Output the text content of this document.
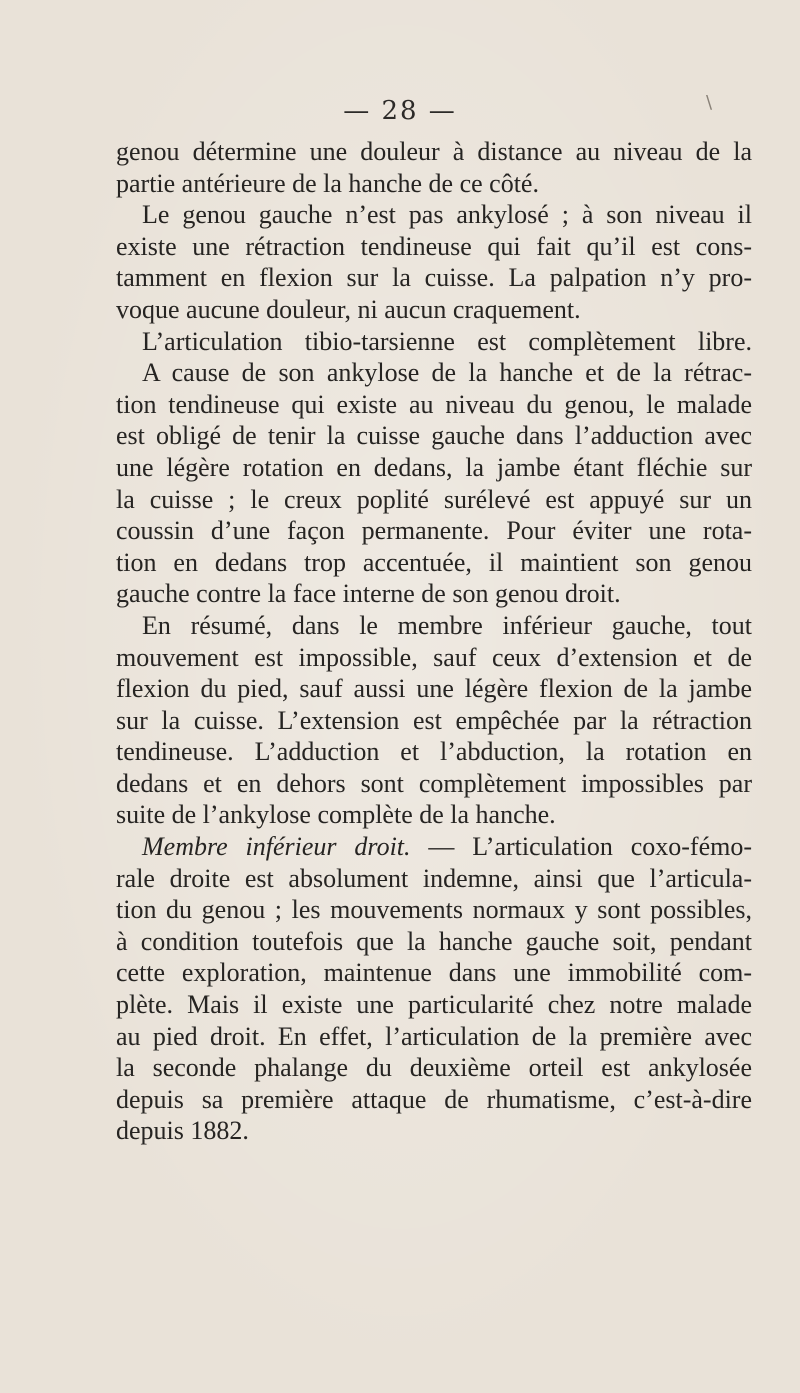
— 28 —	\
genou détermine une douleur à distance au niveau de la
partie antérieure de la hanche de ce côté.
Le genou gauche n’est pas ankylosé ; à son niveau il
existe une rétraction tendineuse qui fait qu’il est cons-
tamment en flexion sur la cuisse. La palpation n’y pro-
voque aucune douleur, ni aucun craquement.
L’articulation tibio-tarsienne est complètement libre.
A cause de son ankylose de la hanche et de la rétrac-
tion tendineuse qui existe au niveau du genou, le malade
est obligé de tenir la cuisse gauche dans l’adduction avec
une légère rotation en dedans, la jambe étant fléchie sur
la cuisse ; le creux poplité surélevé est appuyé sur un
coussin d’une façon permanente. Pour éviter une rota-
tion en dedans trop accentuée, il maintient son genou
gauche contre la face interne de son genou droit.
En résumé, dans le membre inférieur gauche, tout
mouvement est impossible, sauf ceux d’extension et de
flexion du pied, sauf aussi une légère flexion de la jambe
sur la cuisse. L’extension est empêchée par la rétraction
tendineuse. L’adduction et l’abduction, la rotation en
dedans et en dehors sont complètement impossibles par
suite de l’ankylose complète de la hanche.
Membre inférieur droit. — L’articulation coxo-fémo-
rale droite est absolument indemne, ainsi que l’articula-
tion du genou ; les mouvements normaux y sont possibles,
à condition toutefois que la hanche gauche soit, pendant
cette exploration, maintenue dans une immobilité com-
plète. Mais il existe une particularité chez notre malade
au pied droit. En effet, l’articulation de la première avec
la seconde phalange du deuxième orteil est ankylosée
depuis sa première attaque de rhumatisme, c’est-à-dire
depuis 1882.
